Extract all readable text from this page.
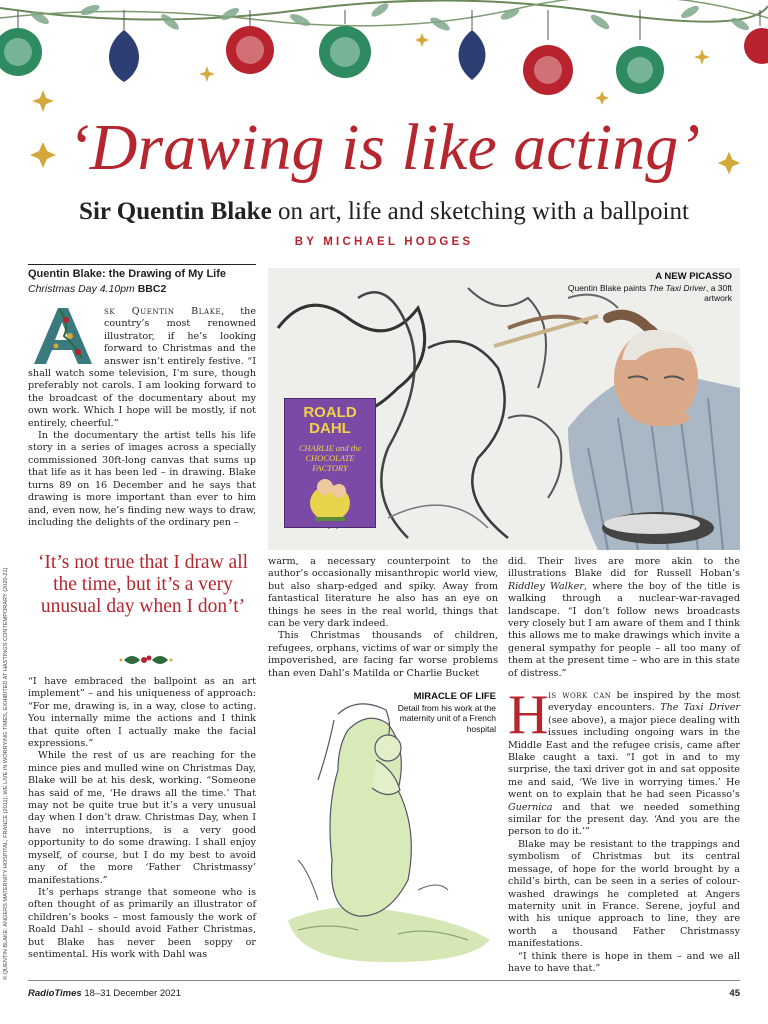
‘Drawing is like acting’
Sir Quentin Blake on art, life and sketching with a ballpoint
BY MICHAEL HODGES
© QUENTIN BLAKE: ANGERS MATERNITY HOSPITAL, FRANCE (2011); WE LIVE IN WORRYING TIMES, EXHIBITED AT HASTINGS CONTEMPORARY (2020-21)
Quentin Blake: the Drawing of My Life
Christmas Day 4.10pm BBC2

sk Quentin Blake, the country’s most renowned illustrator, if he’s looking forward to Christmas and the answer isn’t entirely festive. “I shall watch some television, I’m sure, though preferably not carols. I am looking forward to the broadcast of the documentary about my own work. Which I hope will be mostly, if not entirely, cheerful.”

In the documentary the artist tells his life story in a series of images across a specially commissioned 30ft-long canvas that sums up that life as it has been led – in drawing. Blake turns 89 on 16 December and he says that drawing is more important than ever to him and, even now, he’s finding new ways to draw, including the delights of the ordinary pen –

‘It’s not true that I draw all the time, but it’s a very unusual day when I don’t’

“I have embraced the ballpoint as an art implement” – and his uniqueness of approach: “For me, drawing is, in a way, close to acting. You internally mime the actions and I think that quite often I actually make the facial expressions.”

While the rest of us are reaching for the mince pies and mulled wine on Christmas Day, Blake will be at his desk, working. “Someone has said of me, ‘He draws all the time.’ That may not be quite true but it’s a very unusual day when I don’t draw. Christmas Day, when I have no interruptions, is a very good opportunity to do some drawing. I shall enjoy myself, of course, but I do my best to avoid any of the more ‘Father Christmassy’ manifestations.”

It’s perhaps strange that someone who is often thought of as primarily an illustrator of children’s books – most famously the work of Roald Dahl – should avoid Father Christmas, but Blake has never been soppy or sentimental. His work with Dahl was

A NEW PICASSO
Quentin Blake paints The Taxi Driver, a 30ft artwork
ROALD DAHL
CHARLIE and the CHOCOLATE FACTORY

warm, a necessary counterpoint to the author’s occasionally misanthropic world view, but also sharp-edged and spiky. Away from fantastical literature he also has an eye on things he sees in the real world, things that can be very dark indeed.

This Christmas thousands of children, refugees, orphans, victims of war or simply the impoverished, are facing far worse problems than even Dahl’s Matilda or Charlie Bucket

MIRACLE OF LIFE
Detail from his work at the maternity unit of a French hospital

did. Their lives are more akin to the illustrations Blake did for Russell Hoban’s Riddley Walker, where the boy of the title is walking through a nuclear-war-ravaged landscape. “I don’t follow news broadcasts very closely but I am aware of them and I think this allows me to make drawings which invite a general sympathy for people – all too many of them at the present time – who are in this state of distress.”

H is work can be inspired by the most everyday encounters. The Taxi Driver (see above), a major piece dealing with issues including ongoing wars in the Middle East and the refugee crisis, came after Blake caught a taxi. “I got in and to my surprise, the taxi driver got in and sat opposite me and said, ‘We live in worrying times.’ He went on to explain that he had seen Picasso’s Guernica and that we needed something similar for the present day. ‘And you are the person to do it.’”

Blake may be resistant to the trappings and symbolism of Christmas but its central message, of hope for the world brought by a child’s birth, can be seen in a series of colour-washed drawings he completed at Angers maternity unit in France. Serene, joyful and with his unique approach to line, they are worth a thousand Father Christmassy manifestations.

“I think there is hope in them – and we all have to have that.”

RadioTimes 18–31 December 2021	45
